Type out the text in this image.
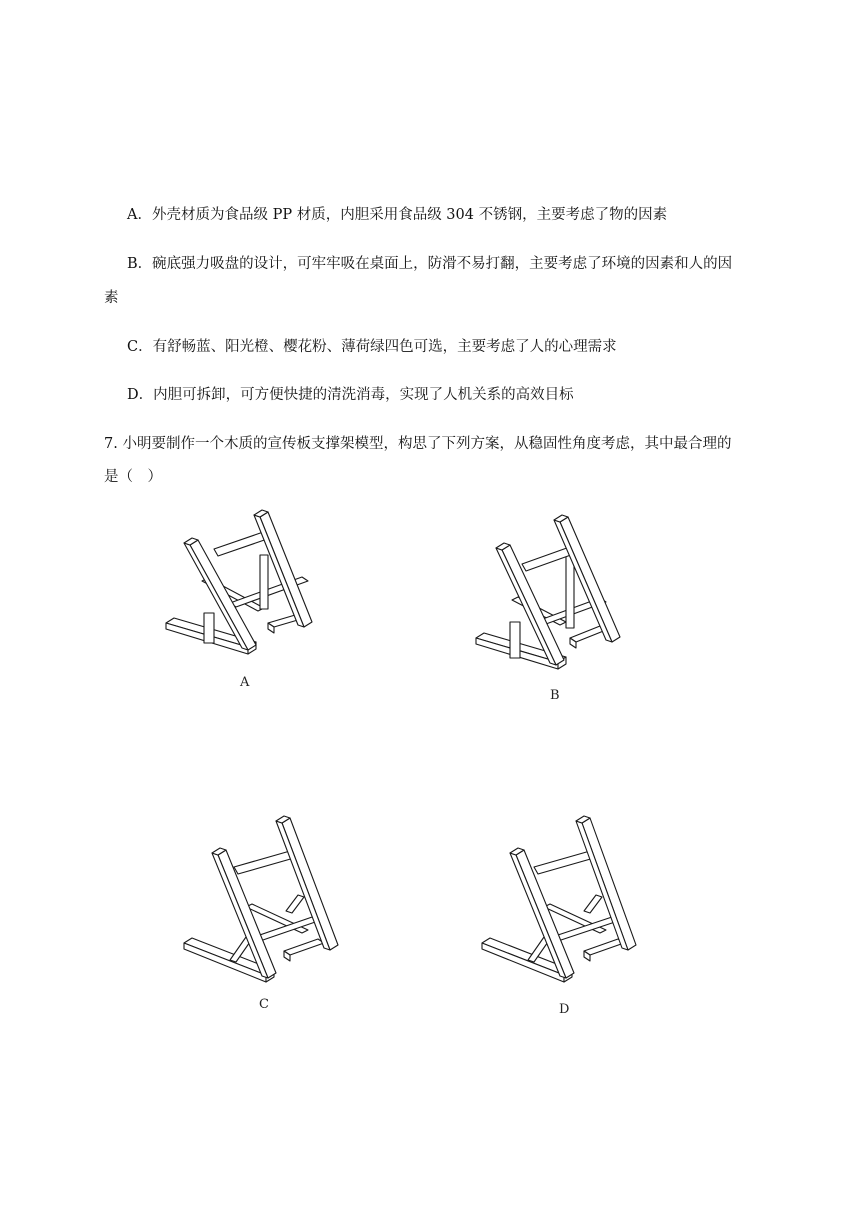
A．外壳材质为食品级 PP 材质，内胆采用食品级 304 不锈钢，主要考虑了物的因素
B．碗底强力吸盘的设计，可牢牢吸在桌面上，防滑不易打翻，主要考虑了环境的因素和人的因
素
C．有舒畅蓝、阳光橙、樱花粉、薄荷绿四色可选，主要考虑了人的心理需求
D．内胆可拆卸，可方便快捷的清洗消毒，实现了人机关系的高效目标
7. 小明要制作一个木质的宣传板支撑架模型，构思了下列方案，从稳固性角度考虑，其中最合理的
是（　）
A
B
C	D
